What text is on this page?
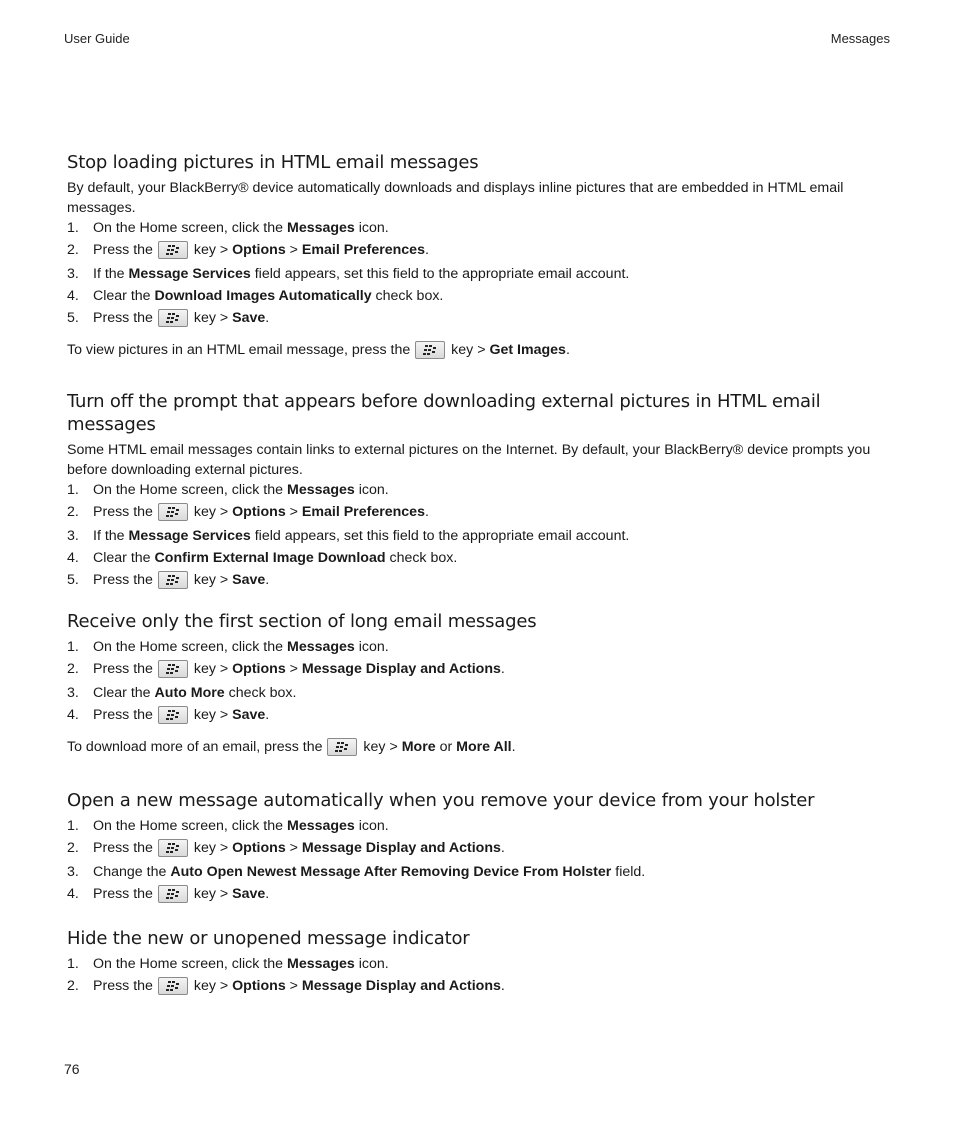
User Guide	Messages
Stop loading pictures in HTML email messages

By default, your BlackBerry® device automatically downloads and displays inline pictures that are embedded in HTML email messages.

1. On the Home screen, click the Messages icon.
2. Press the	key > Options > Email Preferences.
3. If the Message Services field appears, set this field to the appropriate email account.
4. Clear the Download Images Automatically check box.
5. Press the	key > Save.

To view pictures in an HTML email message, press the	key > Get Images.

Turn off the prompt that appears before downloading external pictures in HTML email messages

Some HTML email messages contain links to external pictures on the Internet. By default, your BlackBerry® device prompts you before downloading external pictures.

1. On the Home screen, click the Messages icon.
2. Press the	key > Options > Email Preferences.
3. If the Message Services field appears, set this field to the appropriate email account.
4. Clear the Confirm External Image Download check box.
5. Press the	key > Save.
Receive only the first section of long email messages
1. On the Home screen, click the Messages icon.
2. Press the	key > Options > Message Display and Actions.
3. Clear the Auto More check box.
4. Press the	key > Save.

To download more of an email, press the	key > More or More All.

Open a new message automatically when you remove your device from your holster
1. On the Home screen, click the Messages icon.
2. Press the	key > Options > Message Display and Actions.
3. Change the Auto Open Newest Message After Removing Device From Holster field.
4. Press the	key > Save.
Hide the new or unopened message indicator
1. On the Home screen, click the Messages icon.
2. Press the	key > Options > Message Display and Actions.
76
